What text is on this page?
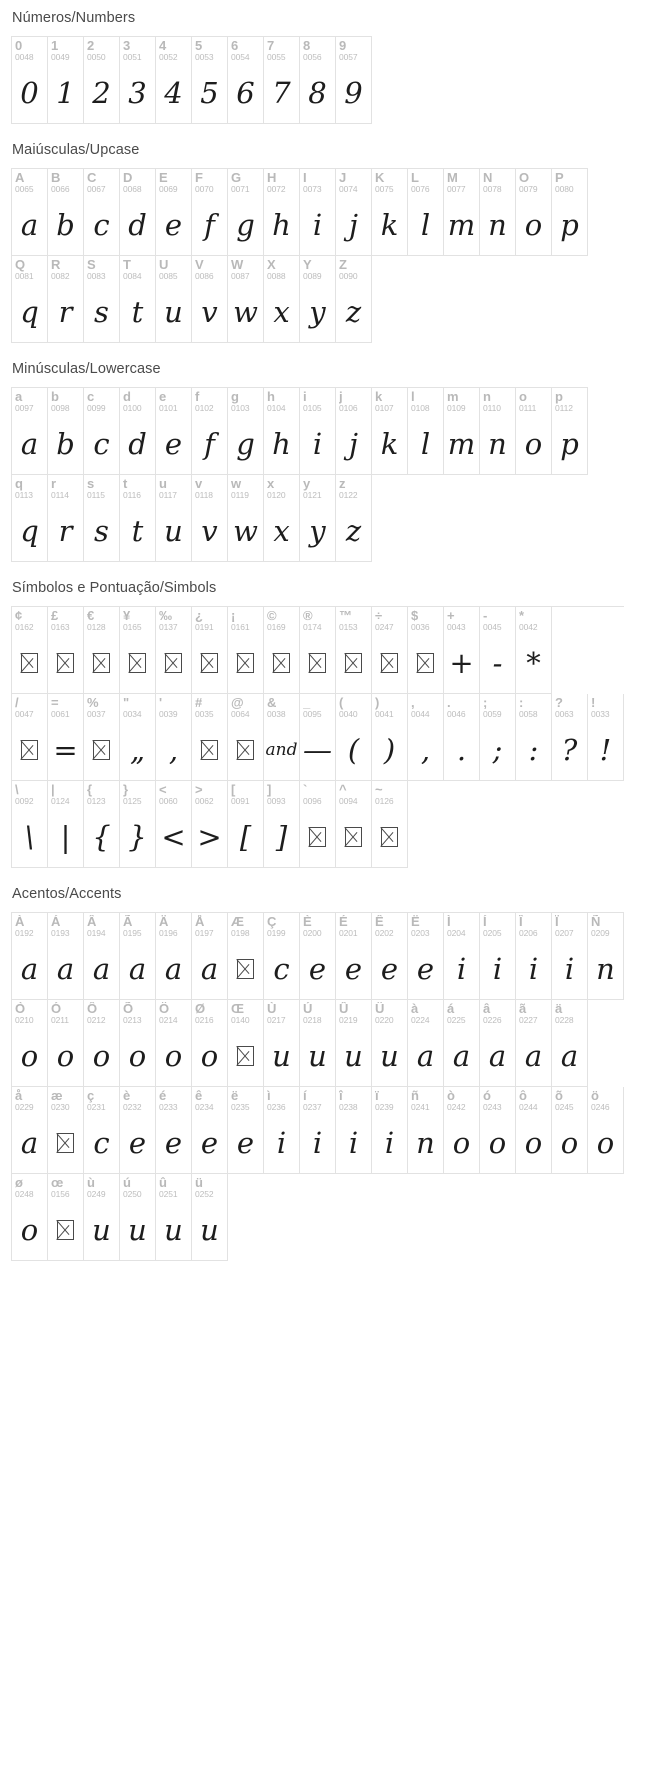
Números/Numbers
0
0048
0
1
0049
1
2
0050
2
3
0051
3
4
0052
4
5
0053
5
6
0054
6
7
0055
7
8
0056
8
9
0057
9
Maiúsculas/Upcase
A
0065
a
B
0066
b
C
0067
c
D
0068
d
E
0069
e
F
0070
f
G
0071
g
H
0072
h
I
0073
i
J
0074
j
K
0075
k
L
0076
l
M
0077
m
N
0078
n
O
0079
o
P
0080
p
Q
0081
q
R
0082
r
S
0083
s
T
0084
t
U
0085
u
V
0086
v
W
0087
w
X
0088
x
Y
0089
y
Z
0090
z
Minúsculas/Lowercase
a
0097
a
b
0098
b
c
0099
c
d
0100
d
e
0101
e
f
0102
f
g
0103
g
h
0104
h
i
0105
i
j
0106
j
k
0107
k
l
0108
l
m
0109
m
n
0110
n
o
0111
o
p
0112
p
q
0113
q
r
0114
r
s
0115
s
t
0116
t
u
0117
u
v
0118
v
w
0119
w
x
0120
x
y
0121
y
z
0122
z
Símbolos e Pontuação/Simbols
¢
0162
£
0163
€
0128
¥
0165
‰
0137
¿
0191
¡
0161
©
0169
®
0174
™
0153
÷
0247
$
0036
+
0043
+
-
0045
-
*
0042
*
/
0047
=
0061
=
%
0037
"
0034
„
'
0039
,
#
0035
@
0064
&
0038
and
_
0095
—
(
0040
(
)
0041
)
,
0044
,
.
0046
.
;
0059
;
:
0058
:
?
0063
?
!
0033
!
\
0092
\
|
0124
|
{
0123
{
}
0125
}
<
0060
<
>
0062
>
[
0091
[
]
0093
]
`
0096
^
0094
~
0126
Acentos/Accents
À
0192
a
Á
0193
a
Â
0194
a
Ã
0195
a
Ä
0196
a
Å
0197
a
Æ
0198
Ç
0199
c
È
0200
e
É
0201
e
Ê
0202
e
Ë
0203
e
Ì
0204
i
Í
0205
i
Î
0206
i
Ï
0207
i
Ñ
0209
n
Ò
0210
o
Ó
0211
o
Ô
0212
o
Õ
0213
o
Ö
0214
o
Ø
0216
o
Œ
0140
Ù
0217
u
Ú
0218
u
Û
0219
u
Ü
0220
u
à
0224
a
á
0225
a
â
0226
a
ã
0227
a
ä
0228
a
å
0229
a
æ
0230
ç
0231
c
è
0232
e
é
0233
e
ê
0234
e
ë
0235
e
ì
0236
i
í
0237
i
î
0238
i
ï
0239
i
ñ
0241
n
ò
0242
o
ó
0243
o
ô
0244
o
õ
0245
o
ö
0246
o
ø
0248
o
œ
0156
ù
0249
u
ú
0250
u
û
0251
u
ü
0252
u
